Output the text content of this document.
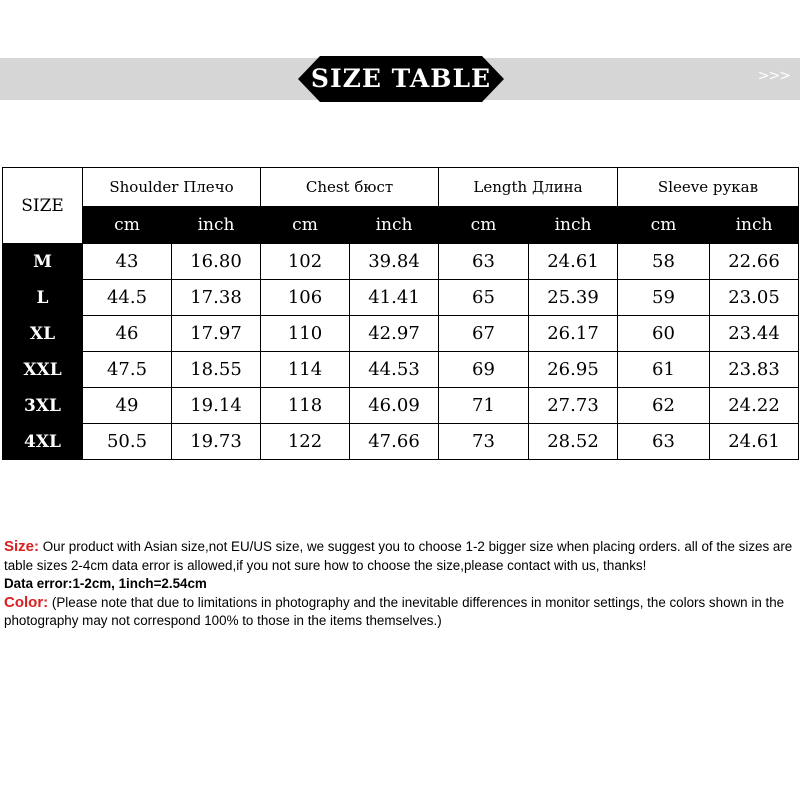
SIZE TABLE	>>>
SIZE	Shoulder Плечо		Chest бюст		Length Длина		Sleeve рукав	
	cm	inch	cm	inch	cm	inch	cm	inch
M	43	16.80	102	39.84	63	24.61	58	22.66
L	44.5	17.38	106	41.41	65	25.39	59	23.05
XL	46	17.97	110	42.97	67	26.17	60	23.44
XXL	47.5	18.55	114	44.53	69	26.95	61	23.83
3XL	49	19.14	118	46.09	71	27.73	62	24.22
4XL	50.5	19.73	122	47.66	73	28.52	63	24.61

Size: Our product with Asian size,not EU/US size, we suggest you to choose 1-2 bigger size when placing orders. all of the sizes are table sizes 2-4cm data error is allowed,if you not sure how to choose the size,please contact with us, thanks!

Data error:1-2cm, 1inch=2.54cm

Color: (Please note that due to limitations in photography and the inevitable differences in monitor settings, the colors shown in the photography may not correspond 100% to those in the items themselves.)
